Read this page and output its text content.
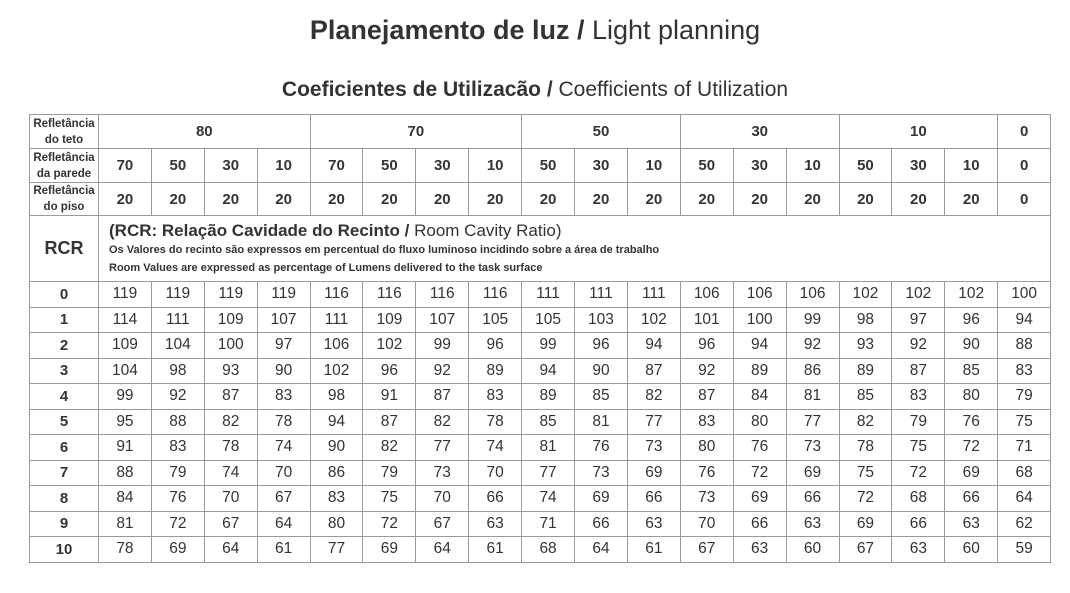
Planejamento de luz / Light planning
Coeficientes de Utilizacão / Coefficients of Utilization
Refletância do teto	80				70				50			30			10			0
Refletância da parede	70	50	30	10	70	50	30	10	50	30	10	50	30	10	50	30	10	0
Refletância do piso	20	20	20	20	20	20	20	20	20	20	20	20	20	20	20	20	20	0
RCR	(RCR: Relação Cavidade do Recinto / Room Cavity Ratio)
Os Valores do recinto são expressos em percentual do fluxo luminoso incidindo sobre a área de trabalho
Room Values are expressed as percentage of Lumens delivered to the task surface																	

0	119	119	119	119	116	116	116	116	111	111	111	106	106	106	102	102	102	100
1	114	111	109	107	111	109	107	105	105	103	102	101	100	99	98	97	96	94
2	109	104	100	97	106	102	99	96	99	96	94	96	94	92	93	92	90	88
3	104	98	93	90	102	96	92	89	94	90	87	92	89	86	89	87	85	83
4	99	92	87	83	98	91	87	83	89	85	82	87	84	81	85	83	80	79
5	95	88	82	78	94	87	82	78	85	81	77	83	80	77	82	79	76	75
6	91	83	78	74	90	82	77	74	81	76	73	80	76	73	78	75	72	71
7	88	79	74	70	86	79	73	70	77	73	69	76	72	69	75	72	69	68
8	84	76	70	67	83	75	70	66	74	69	66	73	69	66	72	68	66	64
9	81	72	67	64	80	72	67	63	71	66	63	70	66	63	69	66	63	62
10	78	69	64	61	77	69	64	61	68	64	61	67	63	60	67	63	60	59
